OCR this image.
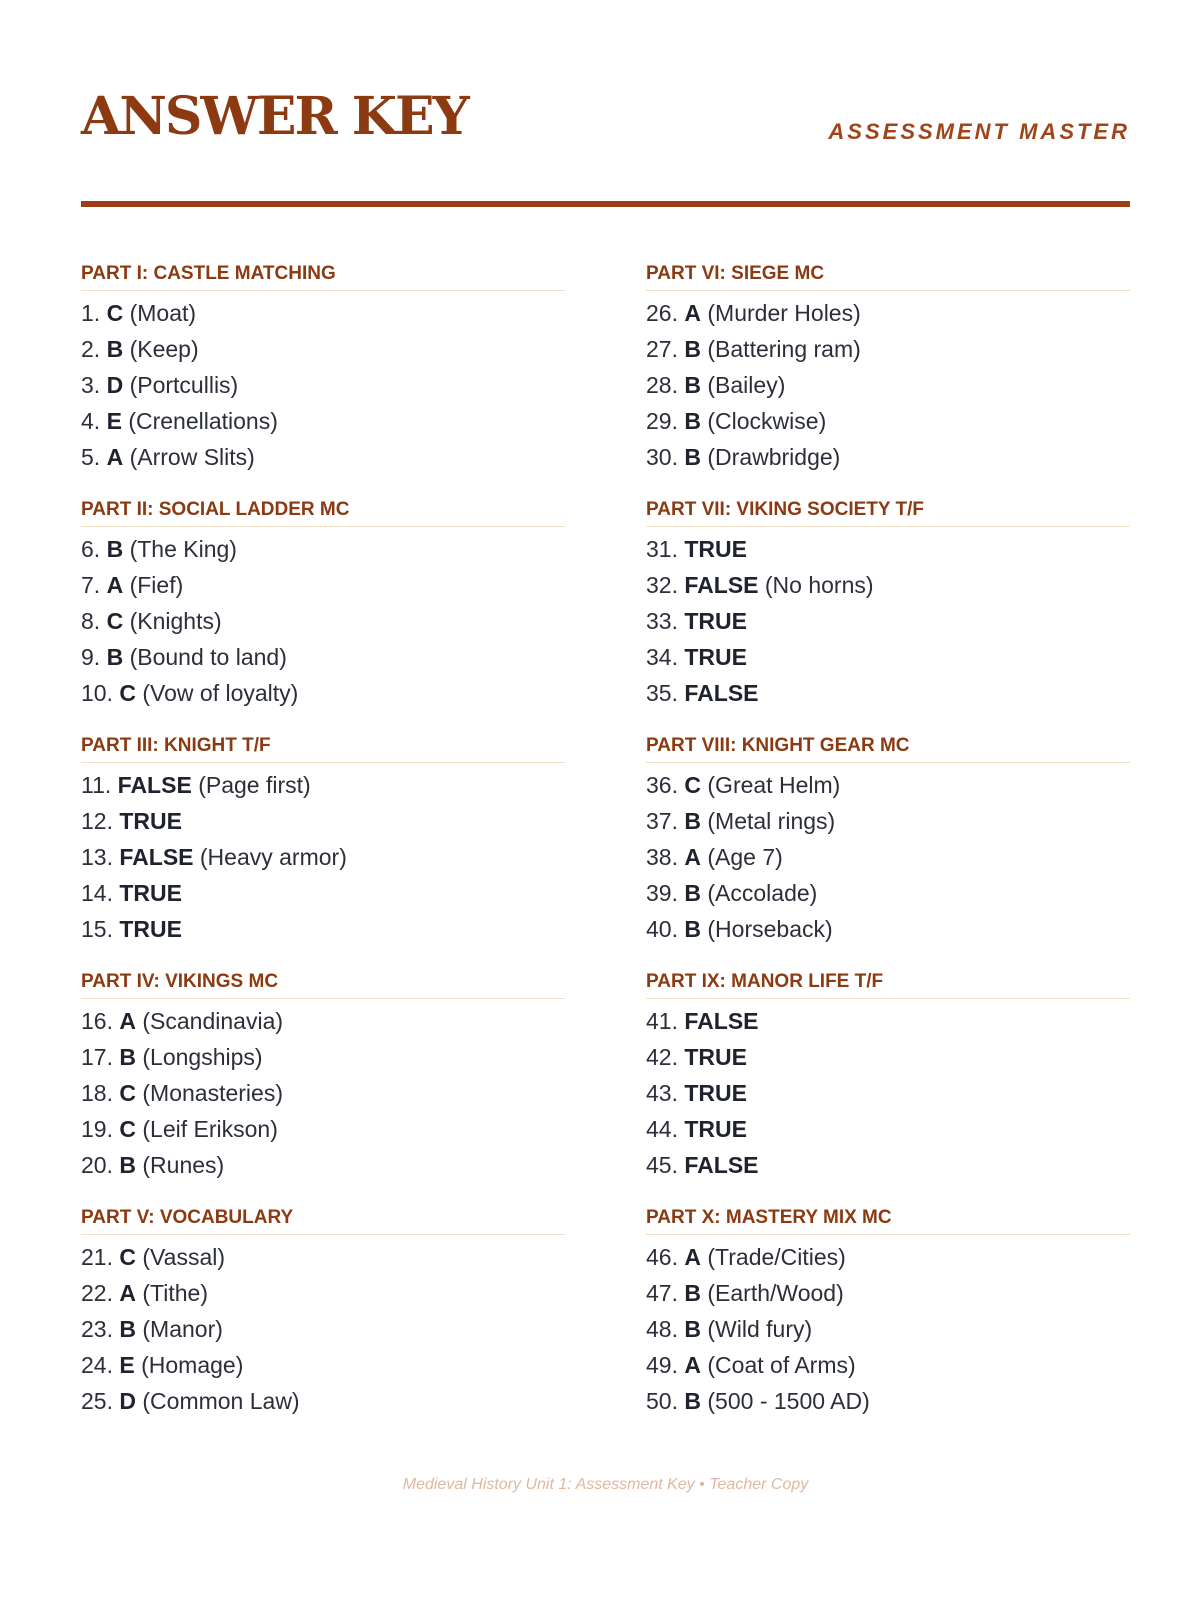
ANSWER KEY	ASSESSMENT MASTER
PART I: CASTLE MATCHING
1. C (Moat)
2. B (Keep)
3. D (Portcullis)
4. E (Crenellations)
5. A (Arrow Slits)
PART II: SOCIAL LADDER MC
6. B (The King)
7. A (Fief)
8. C (Knights)
9. B (Bound to land)
10. C (Vow of loyalty)
PART III: KNIGHT T/F
11. FALSE (Page first)
12. TRUE
13. FALSE (Heavy armor)
14. TRUE
15. TRUE
PART IV: VIKINGS MC
16. A (Scandinavia)
17. B (Longships)
18. C (Monasteries)
19. C (Leif Erikson)
20. B (Runes)
PART V: VOCABULARY
21. C (Vassal)
22. A (Tithe)
23. B (Manor)
24. E (Homage)
25. D (Common Law)
PART VI: SIEGE MC
26. A (Murder Holes)
27. B (Battering ram)
28. B (Bailey)
29. B (Clockwise)
30. B (Drawbridge)
PART VII: VIKING SOCIETY T/F
31. TRUE
32. FALSE (No horns)
33. TRUE
34. TRUE
35. FALSE
PART VIII: KNIGHT GEAR MC
36. C (Great Helm)
37. B (Metal rings)
38. A (Age 7)
39. B (Accolade)
40. B (Horseback)
PART IX: MANOR LIFE T/F
41. FALSE
42. TRUE
43. TRUE
44. TRUE
45. FALSE
PART X: MASTERY MIX MC
46. A (Trade/Cities)
47. B (Earth/Wood)
48. B (Wild fury)
49. A (Coat of Arms)
50. B (500 - 1500 AD)
Medieval History Unit 1: Assessment Key • Teacher Copy
